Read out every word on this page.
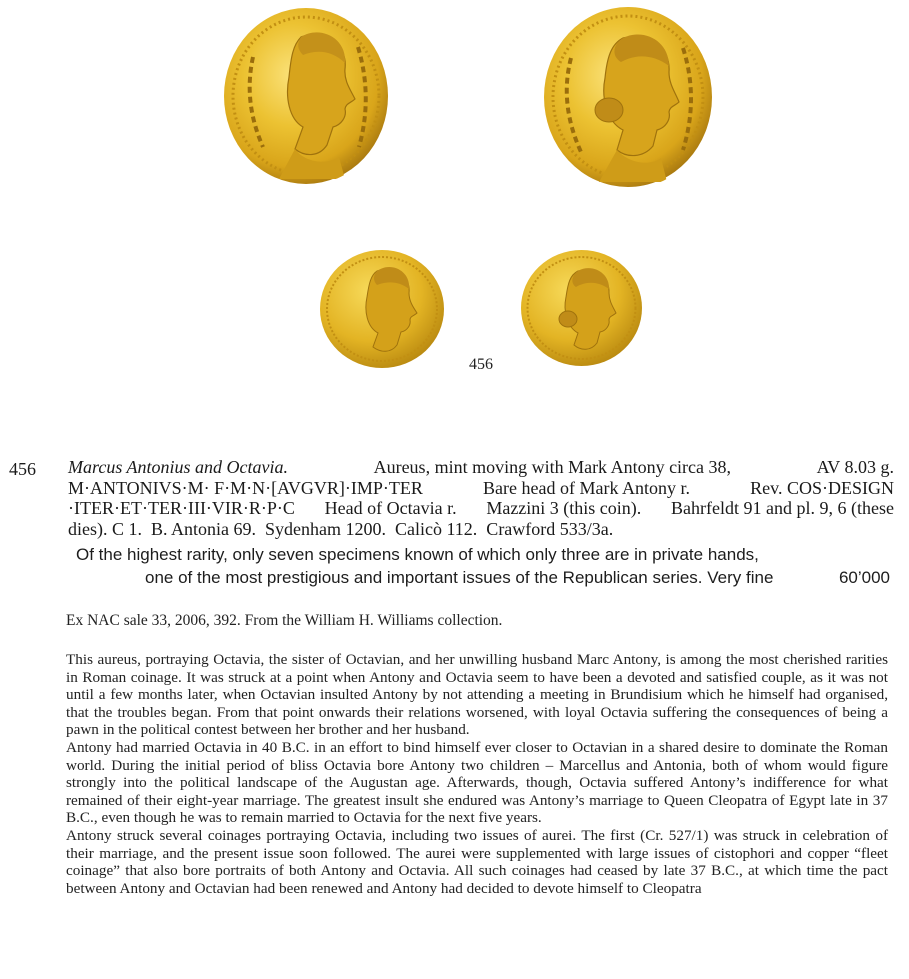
456
456 Marcus Antonius and Octavia.	Aureus, mint moving with Mark Antony circa 38,	AV 8.03 g.
M·ANTONIVS·M· F·M·N·[AVGVR]·IMP·TER	Bare head of Mark Antony r.	Rev. COS·DESIGN
·ITER·ET·TER·III·VIR·R·P·C Head of Octavia r. Mazzini 3 (this coin). Bahrfeldt 91 and pl. 9, 6 (these
dies). C 1.  B. Antonia 69.  Sydenham 1200.  Calicò 112.  Crawford 533/3a.
Of the highest rarity, only seven specimens known of which only three are in private hands,
one of the most prestigious and important issues of the Republican series. Very fine	60’000
Ex NAC sale 33, 2006, 392. From the William H. Williams collection.

This aureus, portraying Octavia, the sister of Octavian, and her unwilling husband Marc Antony, is among the most cherished rarities in Roman coinage. It was struck at a point when Antony and Octavia seem to have been a devoted and satisfied couple, as it was not until a few months later, when Octavian insulted Antony by not attending a meeting in Brundisium which he himself had organised, that the troubles began. From that point onwards their relations worsened, with loyal Octavia suffering the consequences of being a pawn in the political contest between her brother and her husband.

Antony had married Octavia in 40 B.C. in an effort to bind himself ever closer to Octavian in a shared desire to dominate the Roman world. During the initial period of bliss Octavia bore Antony two children – Marcellus and Antonia, both of whom would figure strongly into the political landscape of the Augustan age. Afterwards, though, Octavia suffered Antony’s indifference for what remained of their eight-year marriage. The greatest insult she endured was Antony’s marriage to Queen Cleopatra of Egypt late in 37 B.C., even though he was to remain married to Octavia for the next five years.

Antony struck several coinages portraying Octavia, including two issues of aurei. The first (Cr. 527/1) was struck in celebration of their marriage, and the present issue soon followed. The aurei were supplemented with large issues of cistophori and copper “fleet coinage” that also bore portraits of both Antony and Octavia. All such coinages had ceased by late 37 B.C., at which time the pact between Antony and Octavian had been renewed and Antony had decided to devote himself to Cleopatra
